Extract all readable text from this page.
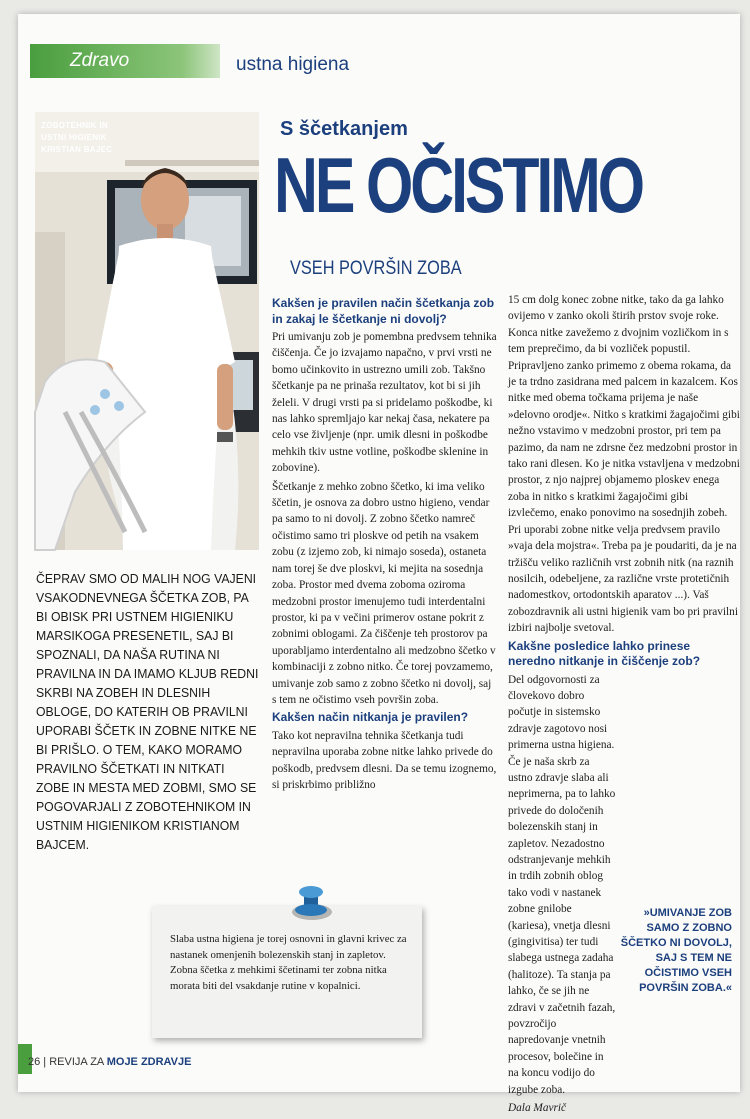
Zdravo	ustna higiena
ZOBOTEHNIK IN
USTNI HIGIENIK
KRISTIAN BAJEC
S ščetkanjem
NE OČISTIMO
VSEH POVRŠIN ZOBA
ČEPRAV SMO OD MALIH NOG VAJENI VSAKODNEVNEGA ŠČETKA ZOB, PA BI OBISK PRI USTNEM HIGIENIKU MARSIKOGA PRESENETIL, SAJ BI SPOZNALI, DA NAŠA RUTINA NI PRAVILNA IN DA IMAMO KLJUB REDNI SKRBI NA ZOBEH IN DLESNIH OBLOGE, DO KATERIH OB PRAVILNI UPORABI ŠČETK IN ZOBNE NITKE NE BI PRIŠLO. O TEM, KAKO MORAMO PRAVILNO ŠČETKATI IN NITKATI ZOBE IN MESTA MED ZOBMI, SMO SE POGOVARJALI Z ZOBOTEHNIKOM IN USTNIM HIGIENIKOM KRISTIANOM BAJCEM.

Kakšen je pravilen način ščetkanja zob in zakaj le ščetkanje ni dovolj?

Pri umivanju zob je pomembna predvsem tehnika čiščenja. Če jo izvajamo napačno, v prvi vrsti ne bomo učinkovito in ustrezno umili zob. Takšno ščetkanje pa ne prinaša rezultatov, kot bi si jih želeli. V drugi vrsti pa si pridelamo poškodbe, ki nas lahko spremljajo kar nekaj časa, nekatere pa celo vse življenje (npr. umik dlesni in poškodbe mehkih tkiv ustne votline, poškodbe sklenine in zobovine).

Ščetkanje z mehko zobno ščetko, ki ima veliko ščetin, je osnova za dobro ustno higieno, vendar pa samo to ni dovolj. Z zobno ščetko namreč očistimo samo tri ploskve od petih na vsakem zobu (z izjemo zob, ki nimajo soseda), ostaneta nam torej še dve ploskvi, ki mejita na sosednja zoba. Prostor med dvema zoboma oziroma medzobni prostor imenujemo tudi interdentalni prostor, ki pa v večini primerov ostane pokrit z zobnimi oblogami. Za čiščenje teh prostorov pa uporabljamo interdentalno ali medzobno ščetko v kombinaciji z zobno nitko. Če torej povzamemo, umivanje zob samo z zobno ščetko ni dovolj, saj s tem ne očistimo vseh površin zoba.

Kakšen način nitkanja je pravilen?

Tako kot nepravilna tehnika ščetkanja tudi nepravilna uporaba zobne nitke lahko privede do poškodb, predvsem dlesni. Da se temu izognemo, si priskrbimo približno

15 cm dolg konec zobne nitke, tako da ga lahko ovijemo v zanko okoli štirih prstov svoje roke. Konca nitke zavežemo z dvojnim vozličkom in s tem preprečimo, da bi vozliček popustil. Pripravljeno zanko primemo z obema rokama, da je ta trdno zasidrana med palcem in kazalcem. Kos nitke med obema točkama prijema je naše »delovno orodje«. Nitko s kratkimi žagajočimi gibi nežno vstavimo v medzobni prostor, pri tem pa pazimo, da nam ne zdrsne čez medzobni prostor in tako rani dlesen. Ko je nitka vstavljena v medzobni prostor, z njo najprej objamemo ploskev enega zoba in nitko s kratkimi žagajočimi gibi izvlečemo, enako ponovimo na sosednjih zobeh. Pri uporabi zobne nitke velja predvsem pravilo »vaja dela mojstra«. Treba pa je poudariti, da je na tržišču veliko različnih vrst zobnih nitk (na raznih nosilcih, odebeljene, za različne vrste protetičnih nadomestkov, ortodontskih aparatov ...). Vaš zobozdravnik ali ustni higienik vam bo pri pravilni izbiri najbolje svetoval.

Kakšne posledice lahko prinese neredno nitkanje in čiščenje zob?

Del odgovornosti za človekovo dobro počutje in sistemsko zdravje zagotovo nosi primerna ustna higiena. Če je naša skrb za ustno zdravje slaba ali neprimerna, pa to lahko privede do določenih bolezenskih stanj in zapletov. Nezadostno odstranjevanje mehkih in trdih zobnih oblog tako vodi v nastanek zobne gnilobe (kariesa), vnetja dlesni (gingivitisa) ter tudi slabega ustnega zadaha (halitoze). Ta stanja pa lahko, če se jih ne zdravi v začetnih fazah, povzročijo napredovanje vnetnih procesov, bolečine in na koncu vodijo do izgube zoba.

Dala Mavrič

»UMIVANJE ZOB SAMO Z ZOBNO ŠČETKO NI DOVOLJ, SAJ S TEM NE OČISTIMO VSEH POVRŠIN ZOBA.«
Slaba ustna higiena je torej osnovni in glavni krivec za nastanek omenjenih bolezenskih stanj in zapletov. Zobna ščetka z mehkimi ščetinami ter zobna nitka morata biti del vsakdanje rutine v kopalnici.
26 | REVIJA ZA MOJE ZDRAVJE
